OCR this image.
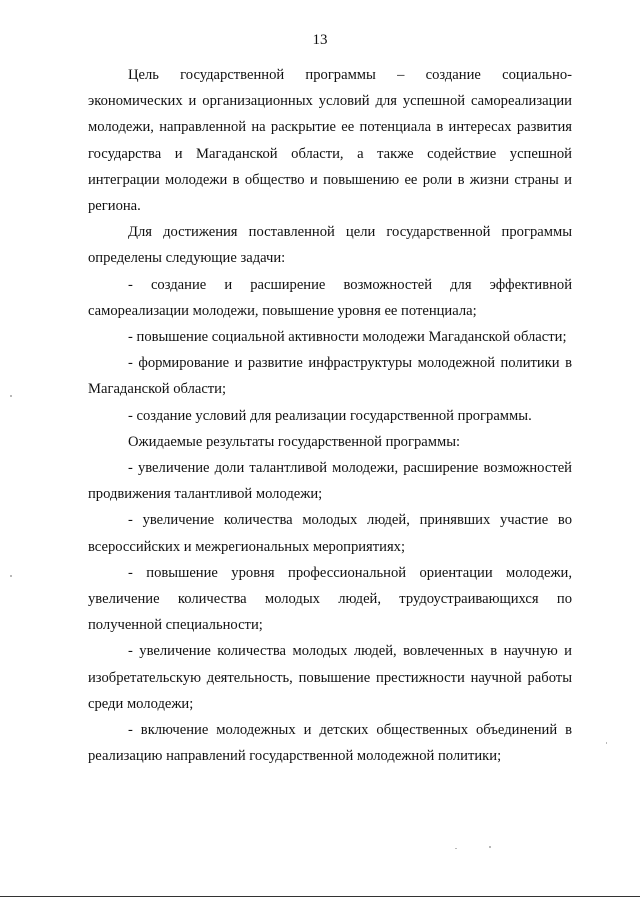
13

Цель государственной программы – создание социально-экономических и организационных условий для успешной самореализации молодежи, направленной на раскрытие ее потенциала в интересах развития государства и Магаданской области, а также содействие успешной интеграции молодежи в общество и повышению ее роли в жизни страны и региона.

Для достижения поставленной цели государственной программы определены следующие задачи:

- создание и расширение возможностей для эффективной самореализации молодежи, повышение уровня ее потенциала;

- повышение социальной активности молодежи Магаданской области;

- формирование и развитие инфраструктуры молодежной политики в Магаданской области;

- создание условий для реализации государственной программы.

Ожидаемые результаты государственной программы:

- увеличение доли талантливой молодежи, расширение возможностей продвижения талантливой молодежи;

- увеличение количества молодых людей, принявших участие во всероссийских и межрегиональных мероприятиях;

- повышение уровня профессиональной ориентации молодежи, увеличение количества молодых людей, трудоустраивающихся по полученной специальности;

- увеличение количества молодых людей, вовлеченных в научную и изобретательскую деятельность, повышение престижности научной работы среди молодежи;

- включение молодежных и детских общественных объединений в реализацию направлений государственной молодежной политики;
